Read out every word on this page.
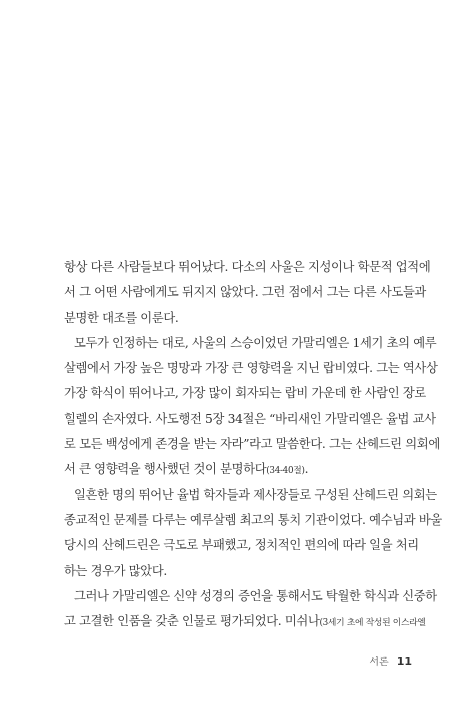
항상 다른 사람들보다 뛰어났다. 다소의 사울은 지성이나 학문적 업적에
서 그 어떤 사람에게도 뒤지지 않았다. 그런 점에서 그는 다른 사도들과
분명한 대조를 이룬다.
모두가 인정하는 대로, 사울의 스승이었던 가말리엘은 1세기 초의 예루
살렘에서 가장 높은 명망과 가장 큰 영향력을 지닌 랍비였다. 그는 역사상
가장 학식이 뛰어나고, 가장 많이 회자되는 랍비 가운데 한 사람인 장로
힐렐의 손자였다. 사도행전 5장 34절은 “바리새인 가말리엘은 율법 교사
로 모든 백성에게 존경을 받는 자라”라고 말씀한다. 그는 산헤드린 의회에
서 큰 영향력을 행사했던 것이 분명하다(34-40절).
일흔한 명의 뛰어난 율법 학자들과 제사장들로 구성된 산헤드린 의회는
종교적인 문제를 다루는 예루살렘 최고의 통치 기관이었다. 예수님과 바울
당시의 산헤드린은 극도로 부패했고, 정치적인 편의에 따라 일을 처리
하는 경우가 많았다.
그러나 가말리엘은 신약 성경의 증언을 통해서도 탁월한 학식과 신중하
고 고결한 인품을 갖춘 인물로 평가되었다. 미쉬나(3세기 초에 작성된 이스라엘
서론 11
